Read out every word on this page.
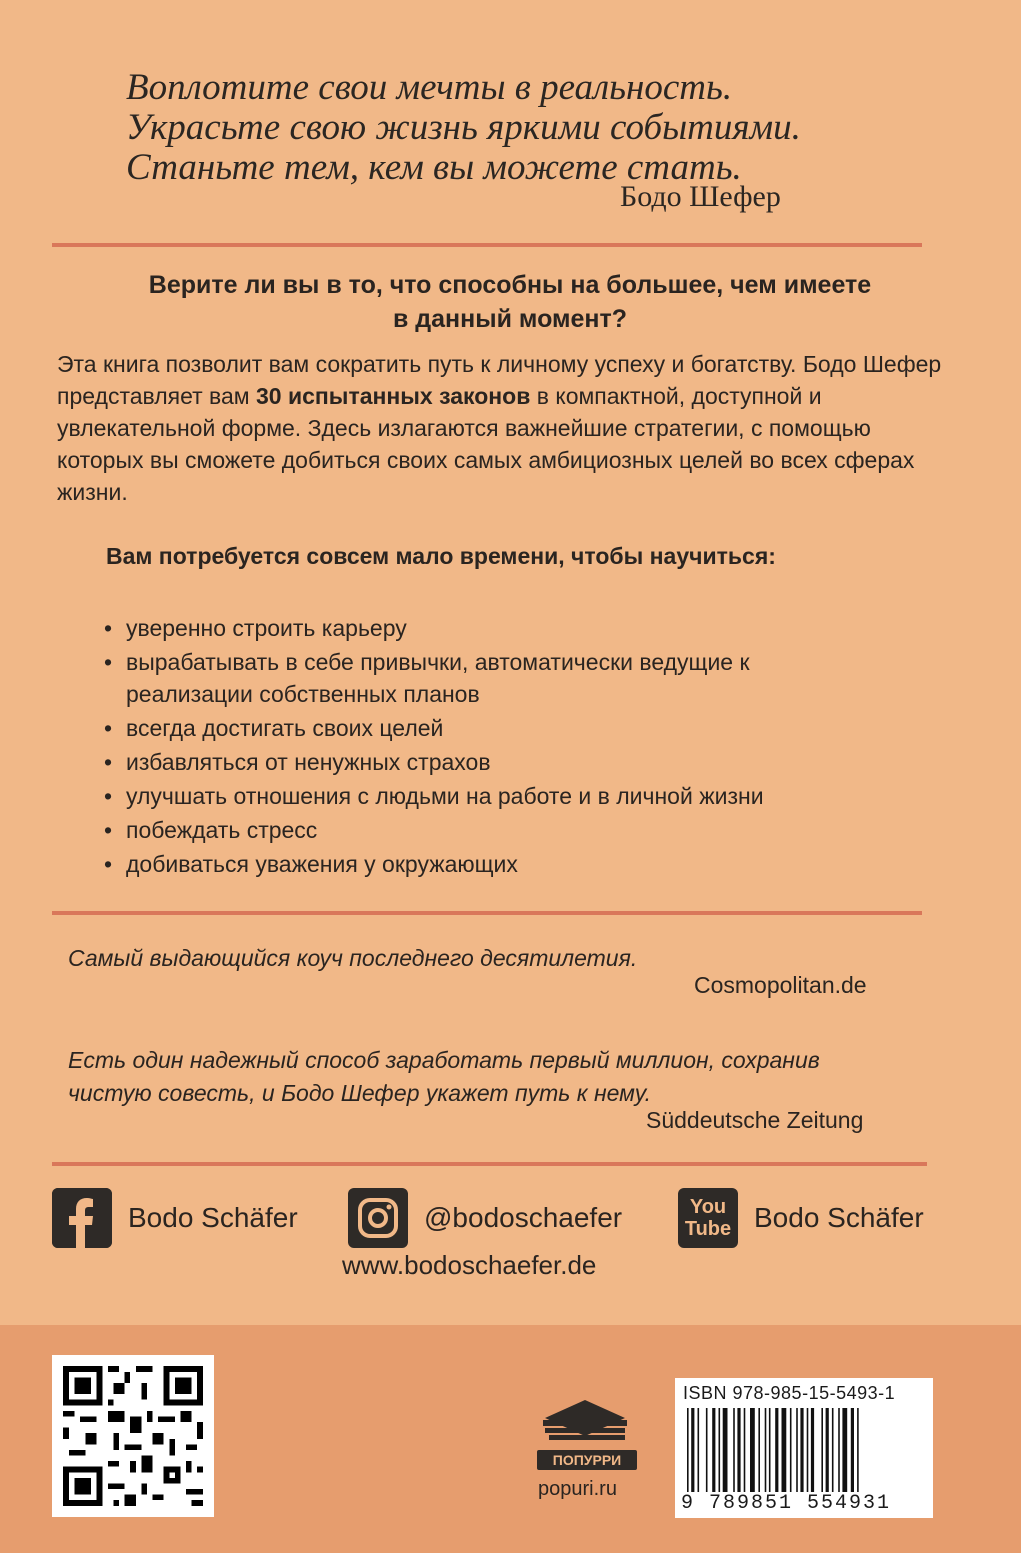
Воплотите свои мечты в реальность.
Украсьте свою жизнь яркими событиями.
Станьте тем, кем вы можете стать.
Бодо Шефер
Верите ли вы в то, что способны на большее, чем имеете
в данный момент?
Эта книга позволит вам сократить путь к личному успеху и богатству. Бодо Шефер представляет вам 30 испытанных законов в компактной, доступной и увлекательной форме. Здесь излагаются важнейшие стратегии, с помощью которых вы сможете добиться своих самых амбициозных целей во всех сферах жизни.
Вам потребуется совсем мало времени, чтобы научиться:
• уверенно строить карьеру
• вырабатывать в себе привычки, автоматически ведущие к реализации собственных планов
• всегда достигать своих целей
• избавляться от ненужных страхов
• улучшать отношения с людьми на работе и в личной жизни
• побеждать стресс
• добиваться уважения у окружающих
Самый выдающийся коуч последнего десятилетия.
Cosmopolitan.de
Есть один надежный способ заработать первый миллион, сохранив чистую совесть, и Бодо Шефер укажет путь к нему.
Süddeutsche Zeitung
Bodo Schäfer	@bodoschaefer	You
Tube Bodo Schäfer
www.bodoschaefer.de
ПОПУРРИ
popuri.ru
ISBN 978-985-15-5493-1
9 789851 554931
